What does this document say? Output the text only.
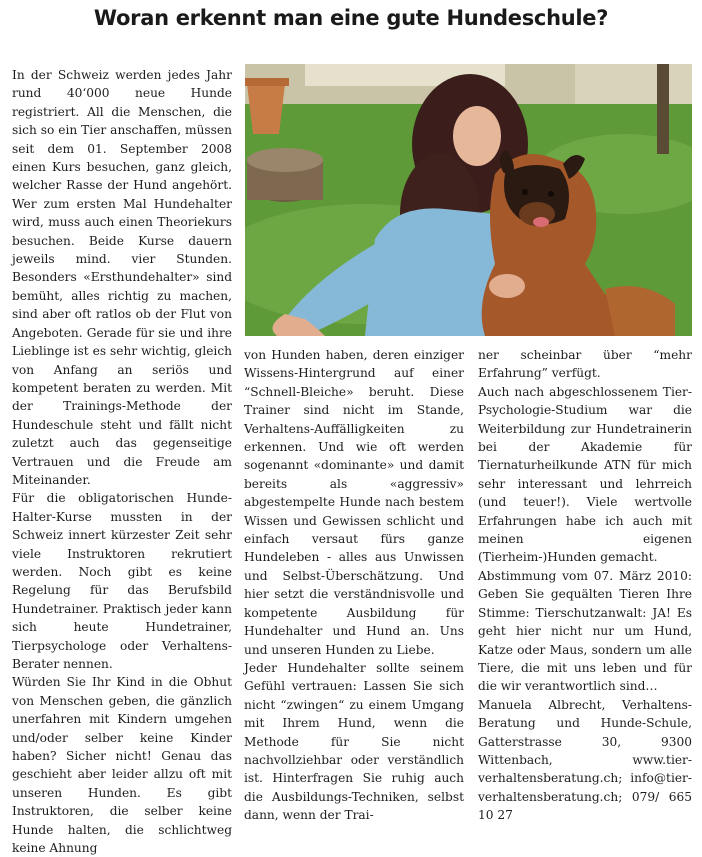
Woran erkennt man eine gute Hundeschule?

In der Schweiz werden jedes Jahr rund 40‘000 neue Hunde registriert. All die Menschen, die sich so ein Tier anschaffen, müssen seit dem 01. September 2008 einen Kurs besuchen, ganz gleich, welcher Rasse der Hund angehört. Wer zum ersten Mal Hundehalter wird, muss auch einen Theoriekurs besuchen. Beide Kurse dauern jeweils mind. vier Stunden. Besonders «Ersthundehalter» sind bemüht, alles richtig zu machen, sind aber oft ratlos ob der Flut von Angeboten. Gerade für sie und ihre Lieblinge ist es sehr wichtig, gleich von Anfang an seriös und kompetent beraten zu werden. Mit der Trainings-Methode der Hundeschule steht und fällt nicht zuletzt auch das gegenseitige Vertrauen und die Freude am Miteinander.

Für die obligatorischen Hunde-Halter-Kurse mussten in der Schweiz innert kürzester Zeit sehr viele Instruktoren rekrutiert werden. Noch gibt es keine Regelung für das Berufsbild Hundetrainer. Praktisch jeder kann sich heute Hundetrainer, Tierpsychologe oder Verhaltens-Berater nennen.

Würden Sie Ihr Kind in die Obhut von Menschen geben, die gänzlich unerfahren mit Kindern umgehen und/oder selber keine Kinder haben? Sicher nicht! Genau das geschieht aber leider allzu oft mit unseren Hunden. Es gibt Instruktoren, die selber keine Hunde halten, die schlichtweg keine Ahnung

von Hunden haben, deren einziger Wissens-Hintergrund auf einer “Schnell-Bleiche» beruht. Diese Trainer sind nicht im Stande, Verhaltens-Auffälligkeiten zu erkennen. Und wie oft werden sogenannt «dominante» und damit bereits als «aggressiv» abgestempelte Hunde nach bestem Wissen und Gewissen schlicht und einfach versaut fürs ganze Hundeleben - alles aus Unwissen und Selbst-Überschätzung. Und hier setzt die verständnisvolle und kompetente Ausbildung für Hundehalter und Hund an. Uns und unseren Hunden zu Liebe.

Jeder Hundehalter sollte seinem Gefühl vertrauen: Lassen Sie sich nicht “zwingen“ zu einem Umgang mit Ihrem Hund, wenn die Methode für Sie nicht nachvollziehbar oder verständlich ist. Hinterfragen Sie ruhig auch die Ausbildungs-Techniken, selbst dann, wenn der Trai-

ner scheinbar über “mehr Erfahrung” verfügt.

Auch nach abgeschlossenem Tier-Psychologie-Studium war die Weiterbildung zur Hundetrainerin bei der Akademie für Tiernaturheilkunde ATN für mich sehr interessant und lehrreich (und teuer!). Viele wertvolle Erfahrungen habe ich auch mit meinen eigenen (Tierheim-)Hunden gemacht.

Abstimmung vom 07. März 2010: Geben Sie gequälten Tieren Ihre Stimme: Tierschutzanwalt: JA! Es geht hier nicht nur um Hund, Katze oder Maus, sondern um alle Tiere, die mit uns leben und für die wir verantwortlich sind…

Manuela Albrecht, Verhaltens-Beratung und Hunde-Schule, Gatterstrasse 30, 9300 Wittenbach, www.tier-verhaltensberatung.ch; info@tier-verhaltensberatung.ch; 079/ 665 10 27
